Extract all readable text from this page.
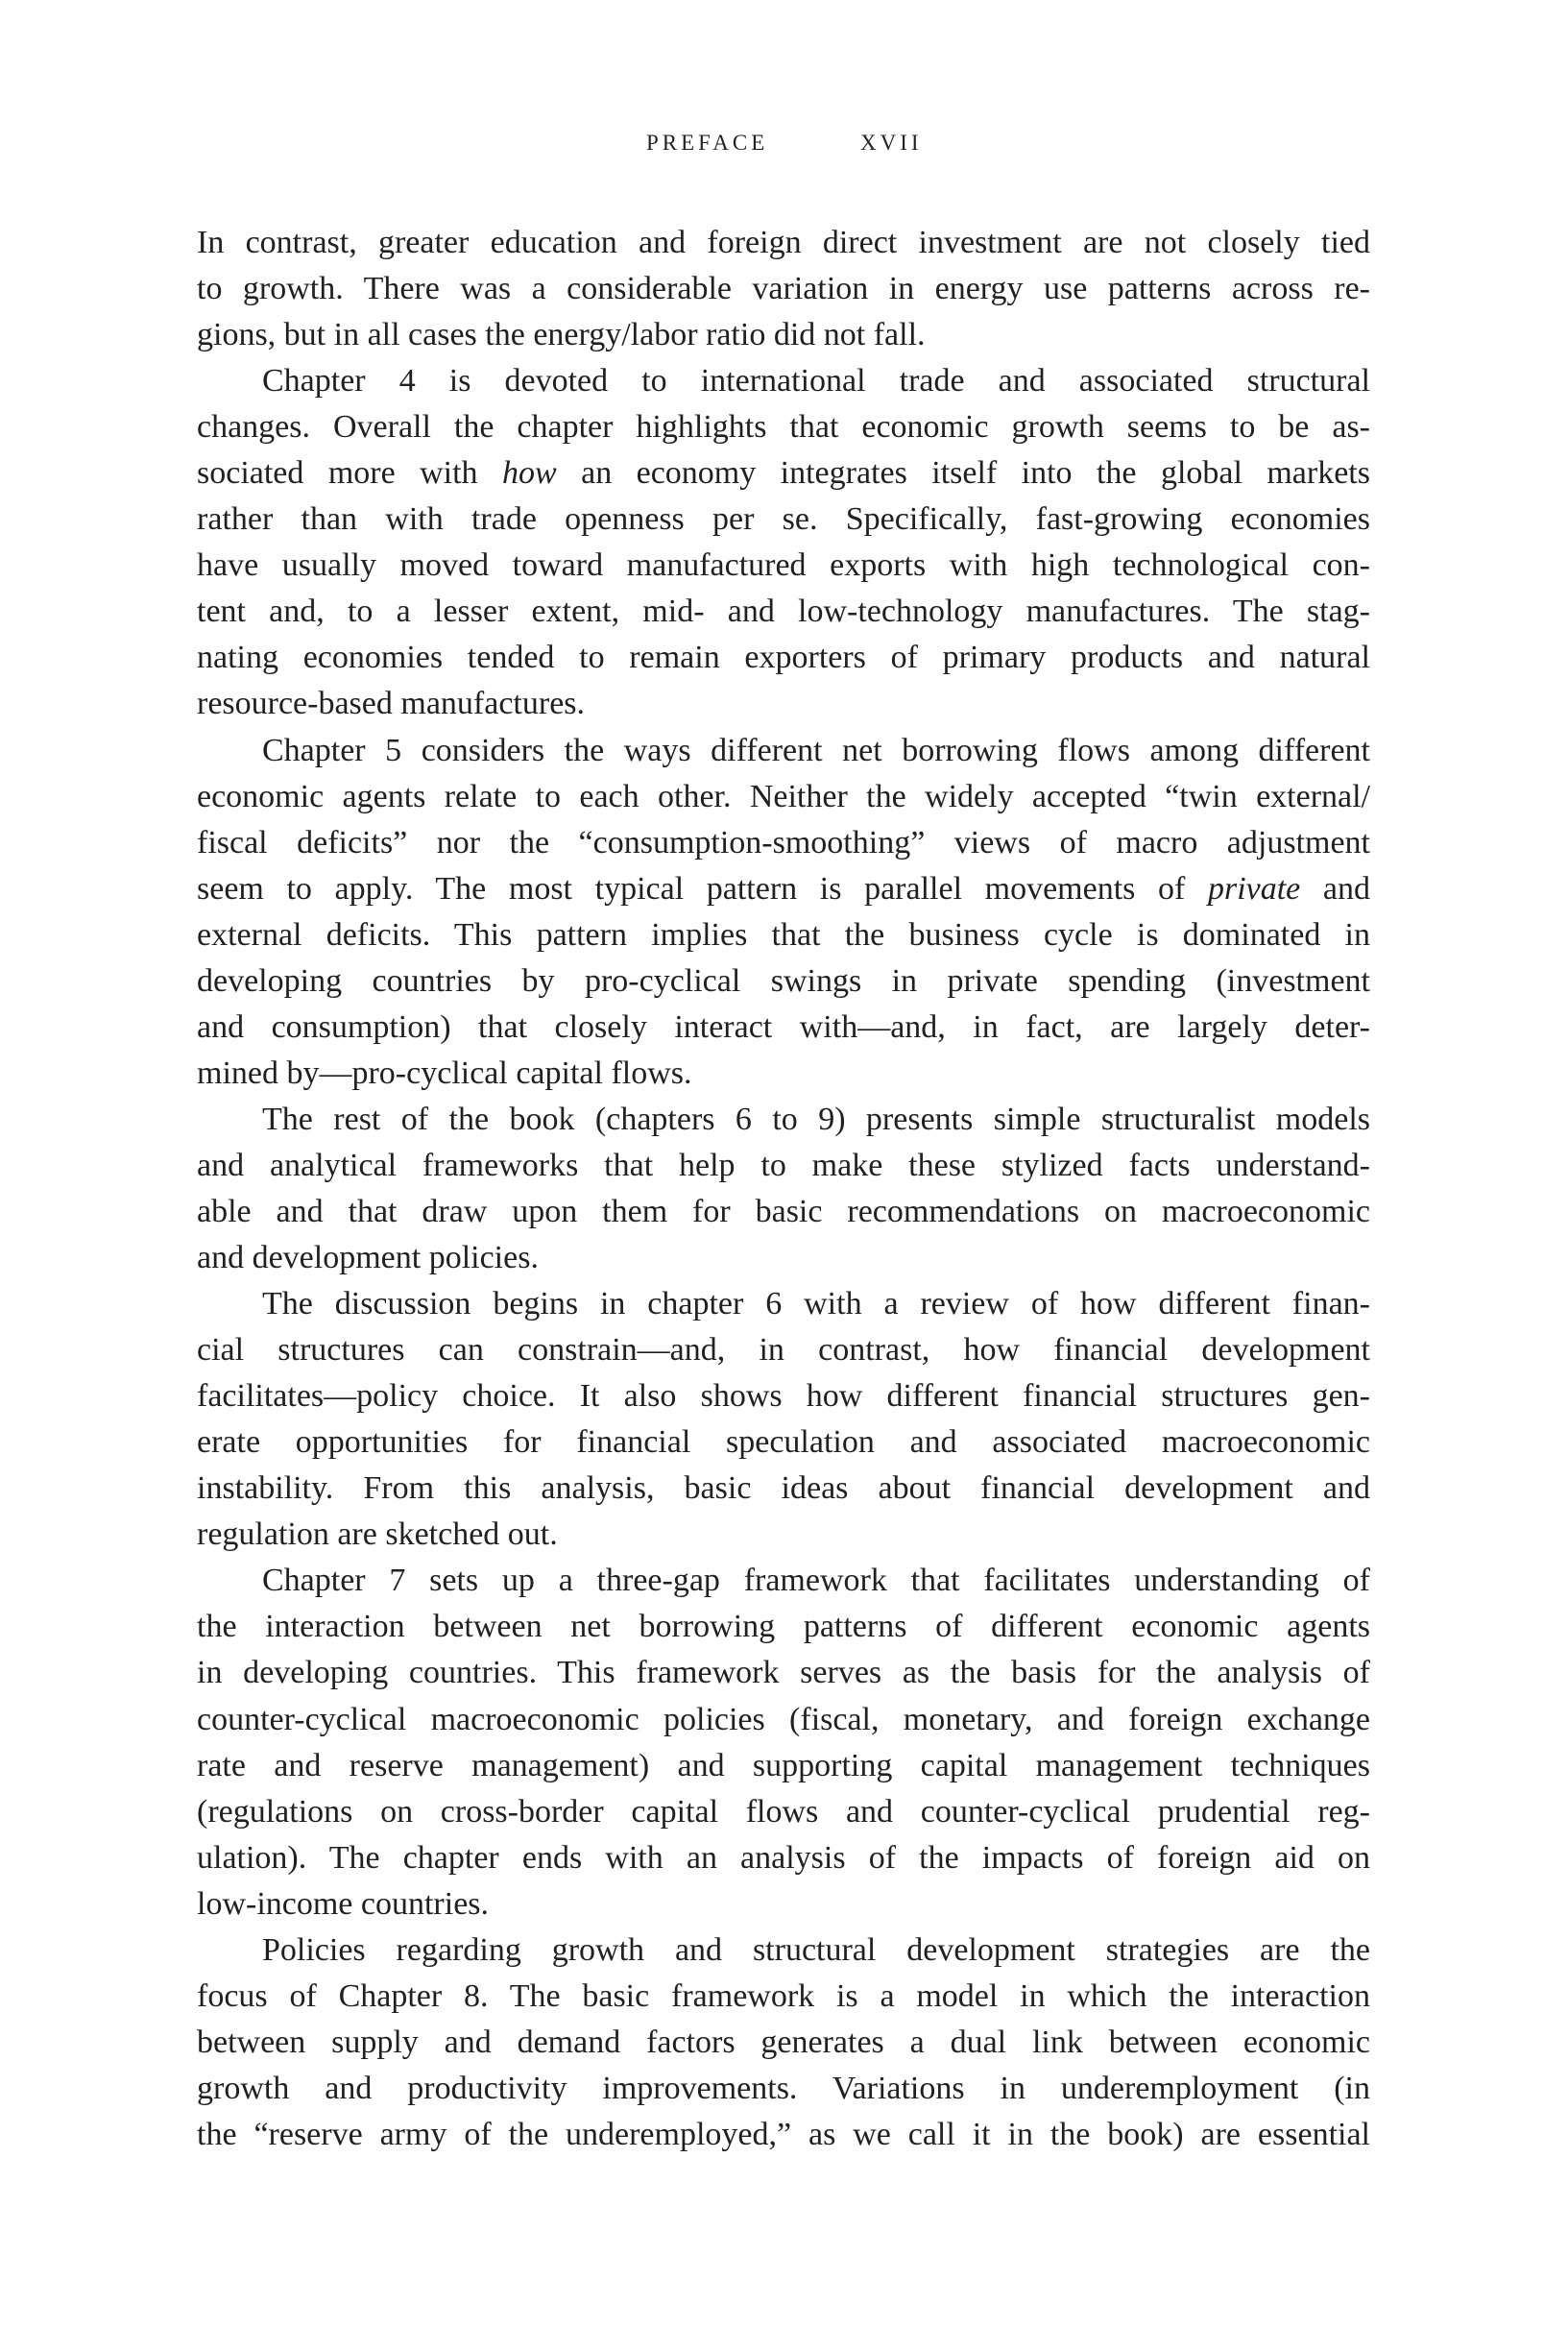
PREFACE	XVII
In contrast, greater education and foreign direct investment are not closely tied
to growth. There was a considerable variation in energy use patterns across re-
gions, but in all cases the energy/labor ratio did not fall.
Chapter 4 is devoted to international trade and associated structural
changes. Overall the chapter highlights that economic growth seems to be as-
sociated more with how an economy integrates itself into the global markets
rather than with trade openness per se. Specifically, fast-growing economies
have usually moved toward manufactured exports with high technological con-
tent and, to a lesser extent, mid- and low-technology manufactures. The stag-
nating economies tended to remain exporters of primary products and natural
resource-based manufactures.
Chapter 5 considers the ways different net borrowing flows among different
economic agents relate to each other. Neither the widely accepted “twin external/
fiscal deficits” nor the “consumption-smoothing” views of macro adjustment
seem to apply. The most typical pattern is parallel movements of private and
external deficits. This pattern implies that the business cycle is dominated in
developing countries by pro-cyclical swings in private spending (investment
and consumption) that closely interact with—and, in fact, are largely deter-
mined by—pro-cyclical capital flows.
The rest of the book (chapters 6 to 9) presents simple structuralist models
and analytical frameworks that help to make these stylized facts understand-
able and that draw upon them for basic recommendations on macroeconomic
and development policies.
The discussion begins in chapter 6 with a review of how different finan-
cial structures can constrain—and, in contrast, how financial development
facilitates—policy choice. It also shows how different financial structures gen-
erate opportunities for financial speculation and associated macroeconomic
instability. From this analysis, basic ideas about financial development and
regulation are sketched out.
Chapter 7 sets up a three-gap framework that facilitates understanding of
the interaction between net borrowing patterns of different economic agents
in developing countries. This framework serves as the basis for the analysis of
counter-cyclical macroeconomic policies (fiscal, monetary, and foreign exchange
rate and reserve management) and supporting capital management techniques
(regulations on cross-border capital flows and counter-cyclical prudential reg-
ulation). The chapter ends with an analysis of the impacts of foreign aid on
low-income countries.
Policies regarding growth and structural development strategies are the
focus of Chapter 8. The basic framework is a model in which the interaction
between supply and demand factors generates a dual link between economic
growth and productivity improvements. Variations in underemployment (in
the “reserve army of the underemployed,” as we call it in the book) are essential
